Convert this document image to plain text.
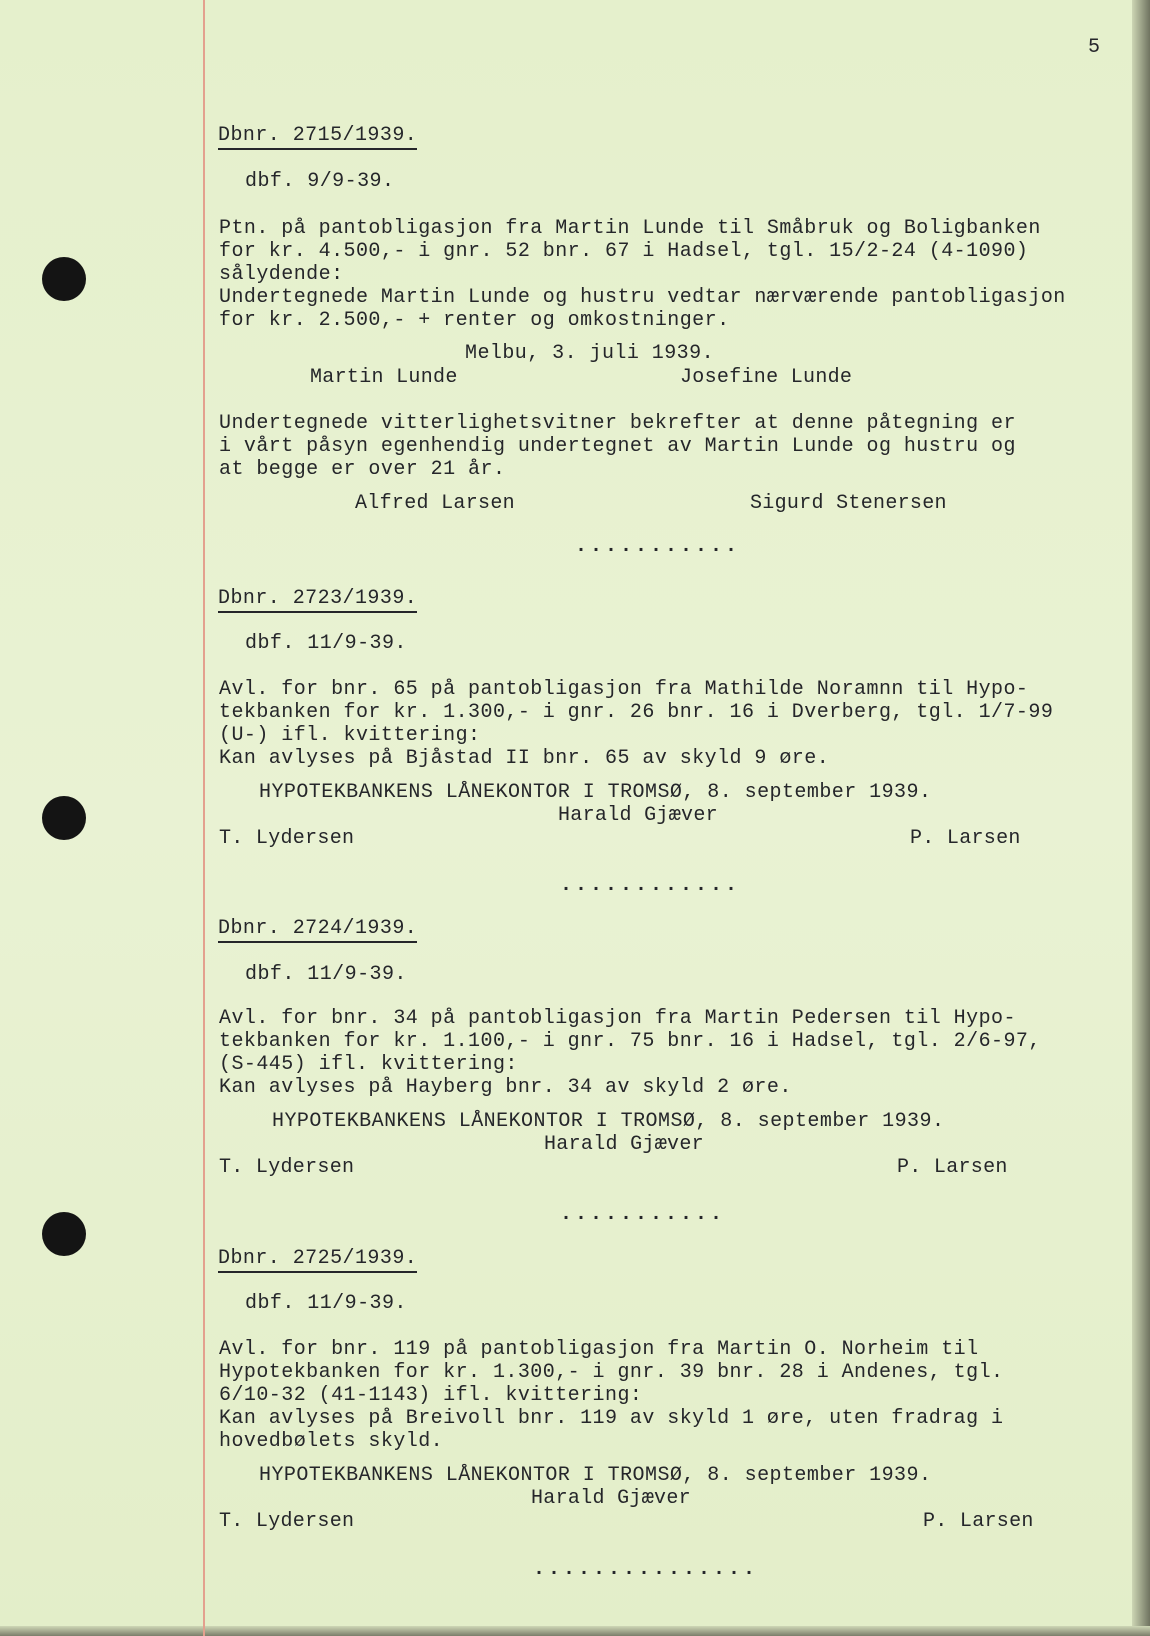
5
Dbnr. 2715/1939.
dbf. 9/9-39.
Ptn. på pantobligasjon fra Martin Lunde til Småbruk og Boligbanken
for kr. 4.500,- i gnr. 52 bnr. 67 i Hadsel, tgl. 15/2-24 (4-1090)
sålydende:
Undertegnede Martin Lunde og hustru vedtar nærværende pantobligasjon
for kr. 2.500,- + renter og omkostninger.
Melbu, 3. juli 1939.
Martin Lunde	Josefine Lunde
Undertegnede vitterlighetsvitner bekrefter at denne påtegning er
i vårt påsyn egenhendig undertegnet av Martin Lunde og hustru og
at begge er over 21 år.
Alfred Larsen	Sigurd Stenersen
...........
Dbnr. 2723/1939.
dbf. 11/9-39.
Avl. for bnr. 65 på pantobligasjon fra Mathilde Noramnn til Hypo-
tekbanken for kr. 1.300,- i gnr. 26 bnr. 16 i Dverberg, tgl. 1/7-99
(U-) ifl. kvittering:
Kan avlyses på Bjåstad II bnr. 65 av skyld 9 øre.
HYPOTEKBANKENS LÅNEKONTOR I TROMSØ, 8. september 1939.
Harald Gjæver
T. Lydersen	P. Larsen
............
Dbnr. 2724/1939.
dbf. 11/9-39.
Avl. for bnr. 34 på pantobligasjon fra Martin Pedersen til Hypo-
tekbanken for kr. 1.100,- i gnr. 75 bnr. 16 i Hadsel, tgl. 2/6-97,
(S-445) ifl. kvittering:
Kan avlyses på Hayberg bnr. 34 av skyld 2 øre.
HYPOTEKBANKENS LÅNEKONTOR I TROMSØ, 8. september 1939.
Harald Gjæver
T. Lydersen	P. Larsen
...........
Dbnr. 2725/1939.
dbf. 11/9-39.
Avl. for bnr. 119 på pantobligasjon fra Martin O. Norheim til
Hypotekbanken for kr. 1.300,- i gnr. 39 bnr. 28 i Andenes, tgl.
6/10-32 (41-1143) ifl. kvittering:
Kan avlyses på Breivoll bnr. 119 av skyld 1 øre, uten fradrag i
hovedbølets skyld.
HYPOTEKBANKENS LÅNEKONTOR I TROMSØ, 8. september 1939.
Harald Gjæver
T. Lydersen	P. Larsen
...............
